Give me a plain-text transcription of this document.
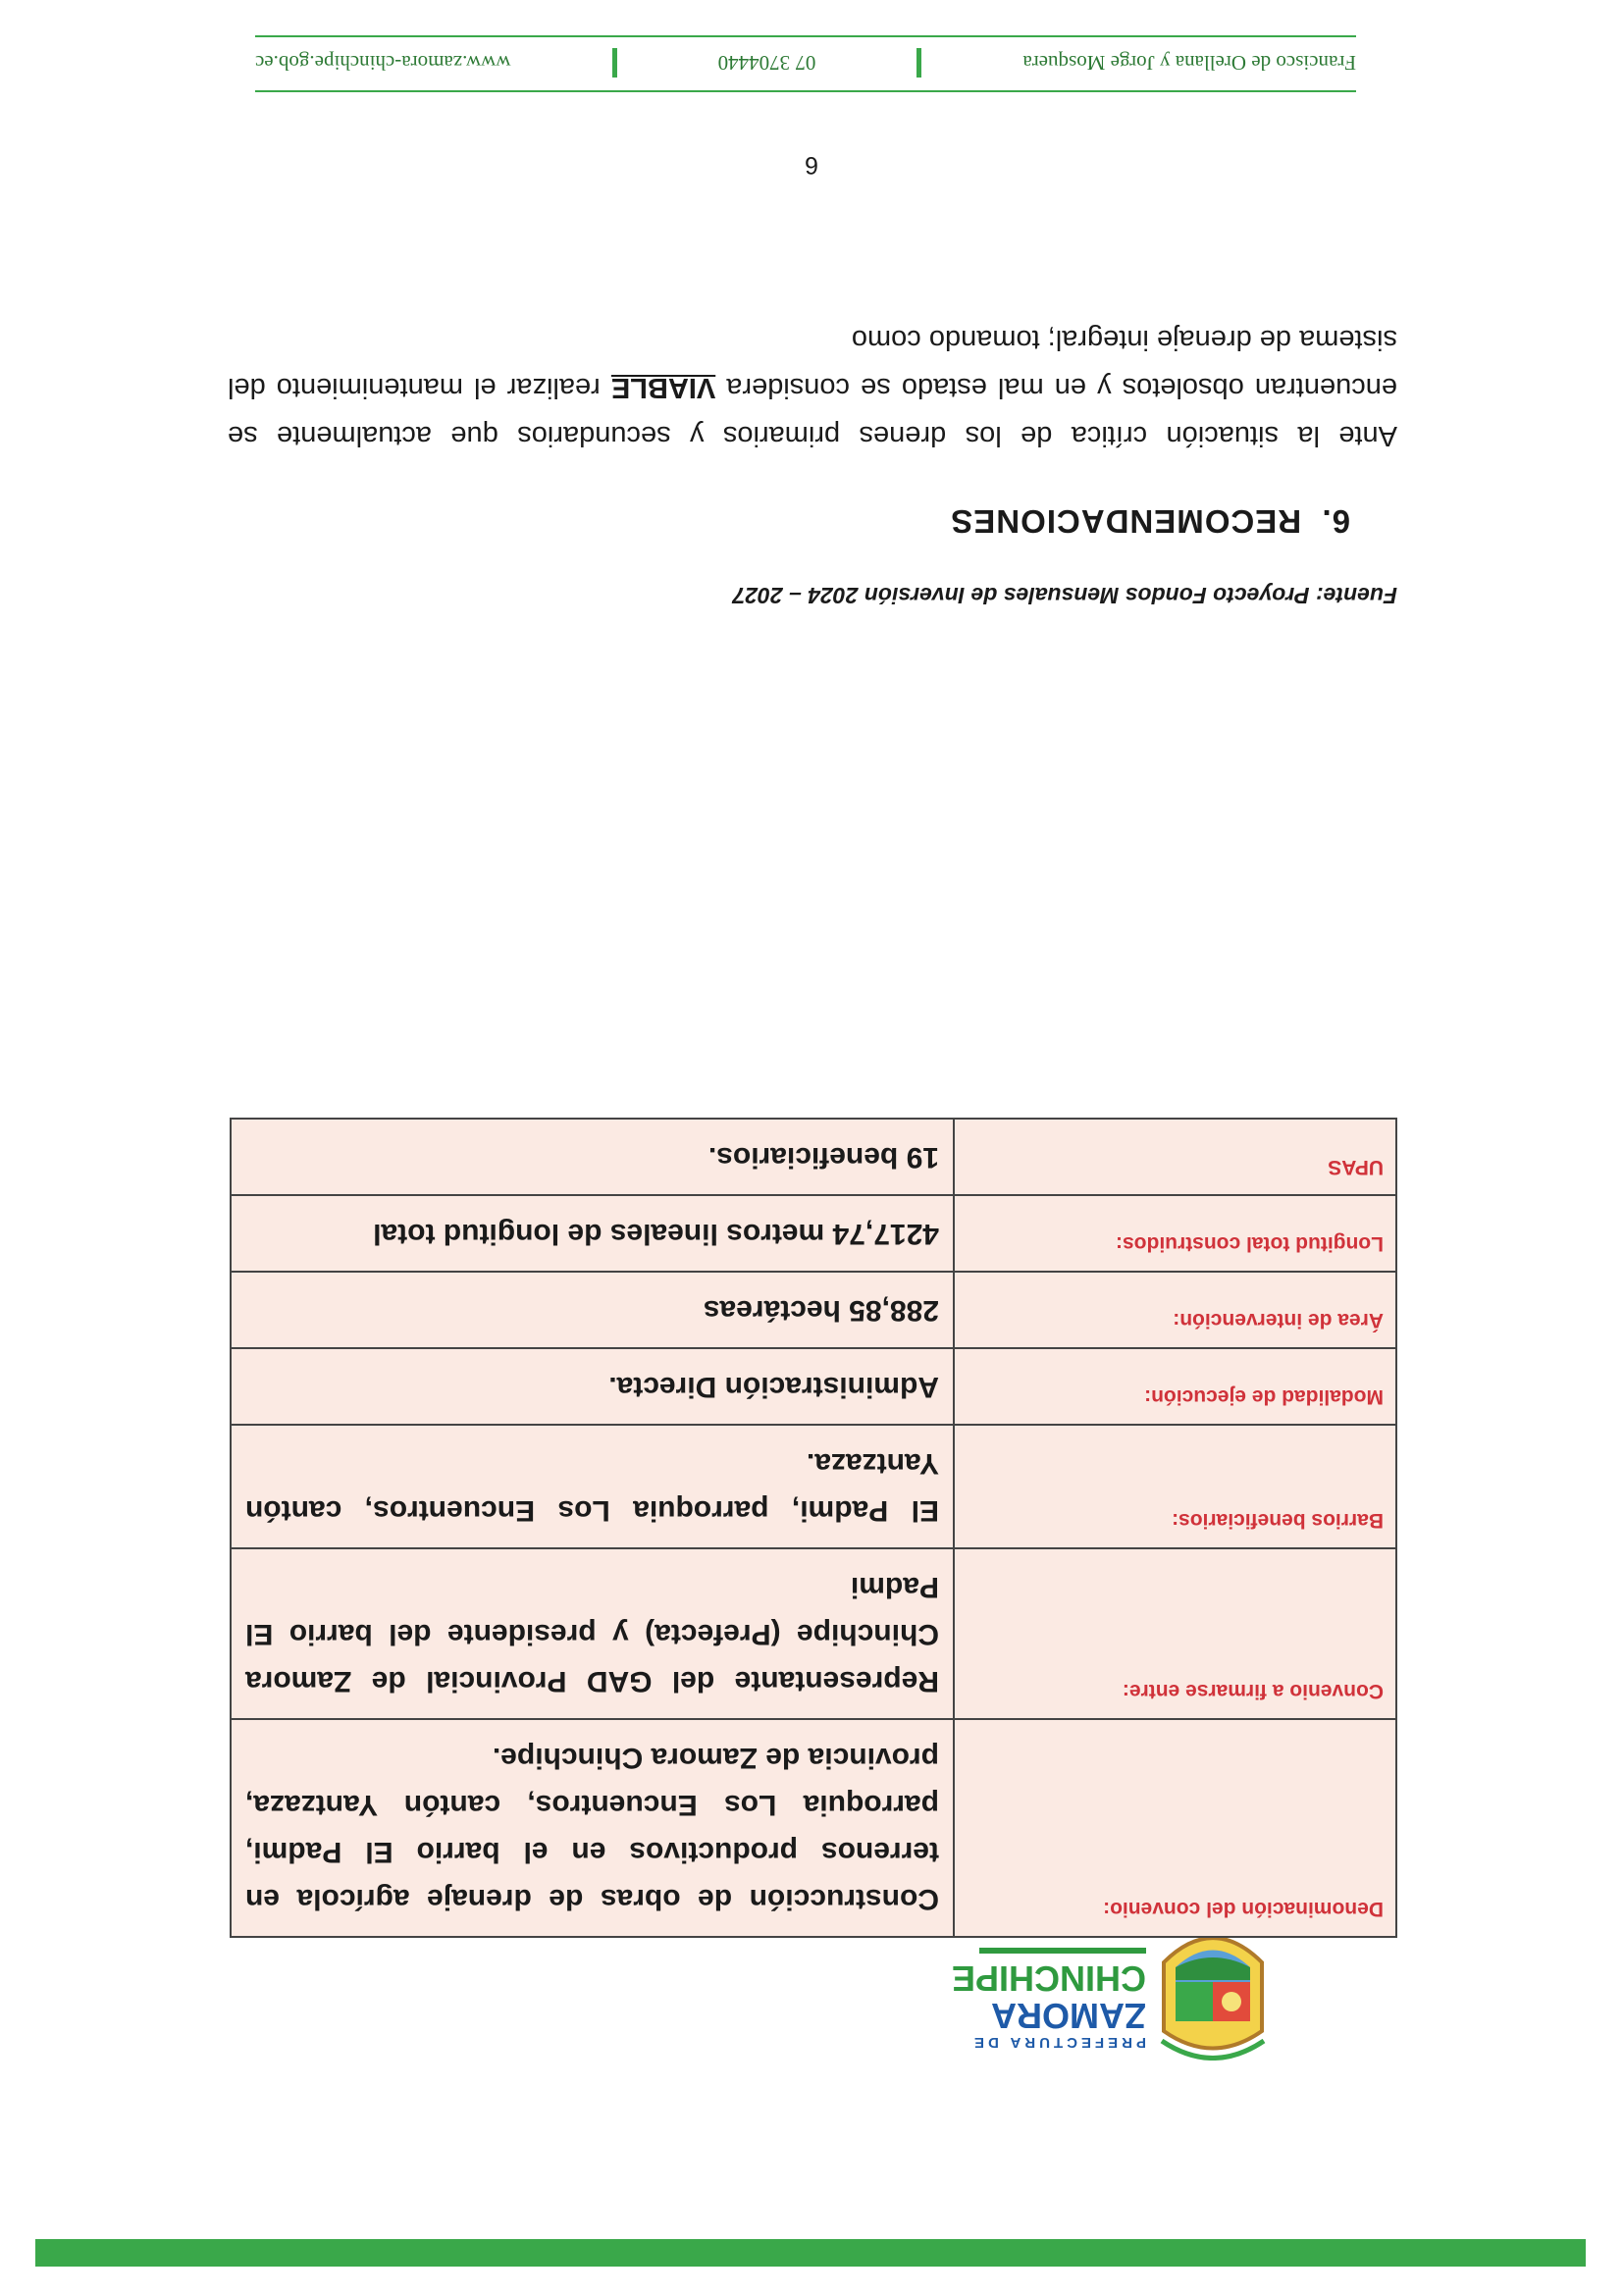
PREFECTURA DE
ZAMORA
CHINCHIPE
Denominación del convenio:	Construcción de obras de drenaje agrícola en terrenos productivos en el barrio El Padmi, parroquia Los Encuentros, cantón Yantzaza, provincia de Zamora Chinchipe.
Convenio a firmarse entre:	Representante del GAD Provincial de Zamora Chinchipe (Prefecta) y presidente del barrio El Padmi
Barrios beneficiarios:	El Padmi, parroquia Los Encuentros, cantón Yantzaza.
Modalidad de ejecución:	Administración Directa.
Área de intervención:	288,85 hectáreas
Longitud total construidos:	4217,74 metros lineales de longitud total
UPAS	19 beneficiarios.
Fuente: Proyecto Fondos Mensuales de Inversión 2024 – 2027
6.  RECOMENDACIONES

Ante la situación crítica de los drenes primarios y secundarios que actualmente se encuentran obsoletos y en mal estado se considera VIABLE realizar el mantenimiento del sistema de drenaje integral; tomando como

6
Francisco de Orellana y Jorge Mosquera
07 3704440
www.zamora-chinchipe.gob.ec
